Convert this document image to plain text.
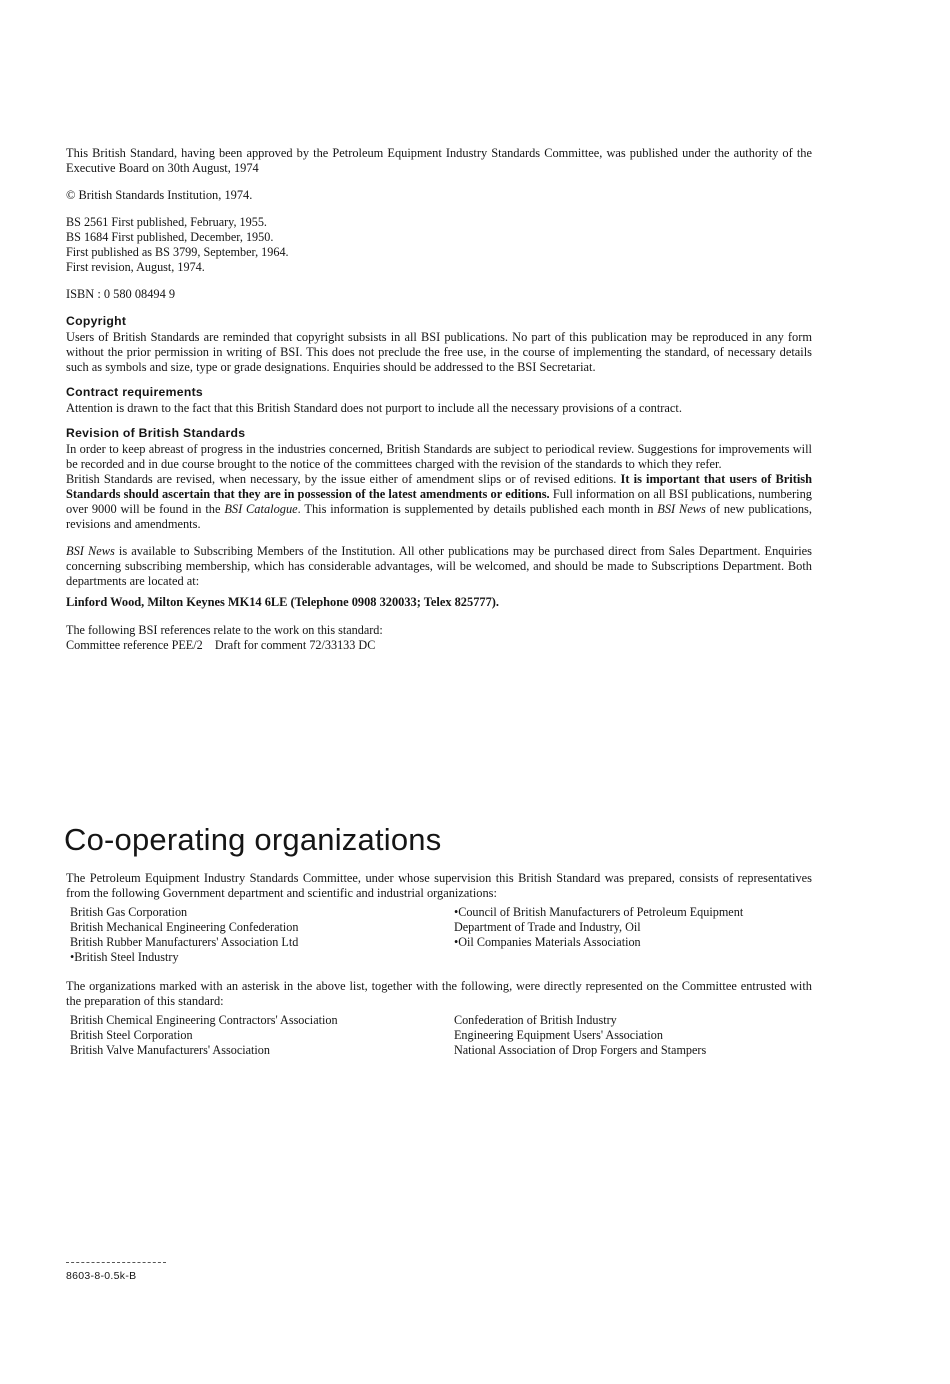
This British Standard, having been approved by the Petroleum Equipment Industry Standards Committee, was published under the authority of the Executive Board on 30th August, 1974

© British Standards Institution, 1974.

BS 2561 First published, February, 1955.
BS 1684 First published, December, 1950.
First published as BS 3799, September, 1964.
First revision, August, 1974.

ISBN : 0 580 08494 9

Copyright

Users of British Standards are reminded that copyright subsists in all BSI publications. No part of this publication may be reproduced in any form without the prior permission in writing of BSI. This does not preclude the free use, in the course of implementing the standard, of necessary details such as symbols and size, type or grade designations. Enquiries should be addressed to the BSI Secretariat.

Contract requirements

Attention is drawn to the fact that this British Standard does not purport to include all the necessary provisions of a contract.

Revision of British Standards

In order to keep abreast of progress in the industries concerned, British Standards are subject to periodical review. Suggestions for improvements will be recorded and in due course brought to the notice of the committees charged with the revision of the standards to which they refer.

British Standards are revised, when necessary, by the issue either of amendment slips or of revised editions. It is important that users of British Standards should ascertain that they are in possession of the latest amendments or editions. Full information on all BSI publications, numbering over 9000 will be found in the BSI Catalogue. This information is supplemented by details published each month in BSI News of new publications, revisions and amendments.

BSI News is available to Subscribing Members of the Institution. All other publications may be purchased direct from Sales Department. Enquiries concerning subscribing membership, which has considerable advantages, will be welcomed, and should be made to Subscriptions Department. Both departments are located at:

Linford Wood, Milton Keynes MK14 6LE (Telephone 0908 320033; Telex 825777).

The following BSI references relate to the work on this standard:
Committee reference PEE/2 Draft for comment 72/33133 DC
Co-operating organizations

The Petroleum Equipment Industry Standards Committee, under whose supervision this British Standard was prepared, consists of representatives from the following Government department and scientific and industrial organizations:

British Gas Corporation
British Mechanical Engineering Confederation
British Rubber Manufacturers' Association Ltd
•British Steel Industry
•Council of British Manufacturers of Petroleum Equipment
Department of Trade and Industry, Oil
•Oil Companies Materials Association

The organizations marked with an asterisk in the above list, together with the following, were directly represented on the Committee entrusted with the preparation of this standard:

British Chemical Engineering Contractors' Association
British Steel Corporation
British Valve Manufacturers' Association
Confederation of British Industry
Engineering Equipment Users' Association
National Association of Drop Forgers and Stampers
8603-8-0.5k-B
